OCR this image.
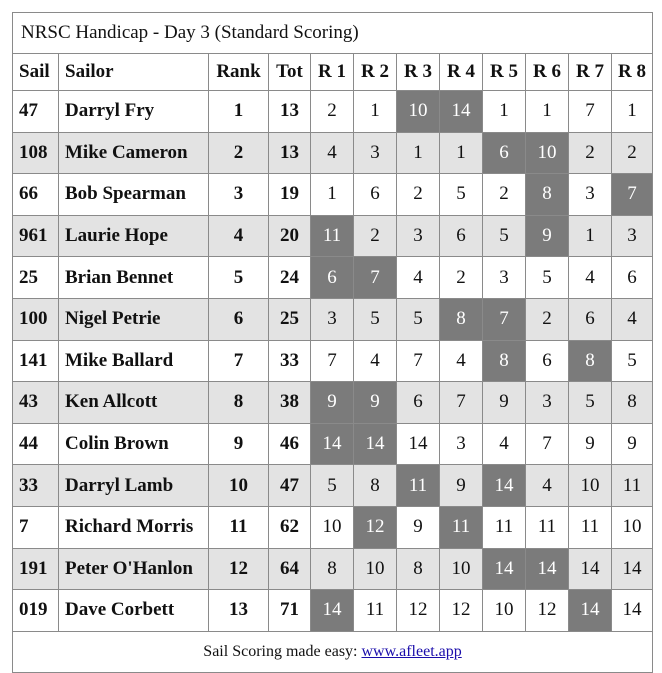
NRSC Handicap - Day 3 (Standard Scoring)											
Sail	Sailor	Rank	Tot	R 1	R 2	R 3	R 4	R 5	R 6	R 7	R 8
47	Darryl Fry	1	13	2	1	10	14	1	1	7	1
108	Mike Cameron	2	13	4	3	1	1	6	10	2	2
66	Bob Spearman	3	19	1	6	2	5	2	8	3	7
961	Laurie Hope	4	20	11	2	3	6	5	9	1	3
25	Brian Bennet	5	24	6	7	4	2	3	5	4	6
100	Nigel Petrie	6	25	3	5	5	8	7	2	6	4
141	Mike Ballard	7	33	7	4	7	4	8	6	8	5
43	Ken Allcott	8	38	9	9	6	7	9	3	5	8
44	Colin Brown	9	46	14	14	14	3	4	7	9	9
33	Darryl Lamb	10	47	5	8	11	9	14	4	10	11
7	Richard Morris	11	62	10	12	9	11	11	11	11	10
191	Peter O'Hanlon	12	64	8	10	8	10	14	14	14	14
019	Dave Corbett	13	71	14	11	12	12	10	12	14	14
Sail Scoring made easy: www.afleet.app											
